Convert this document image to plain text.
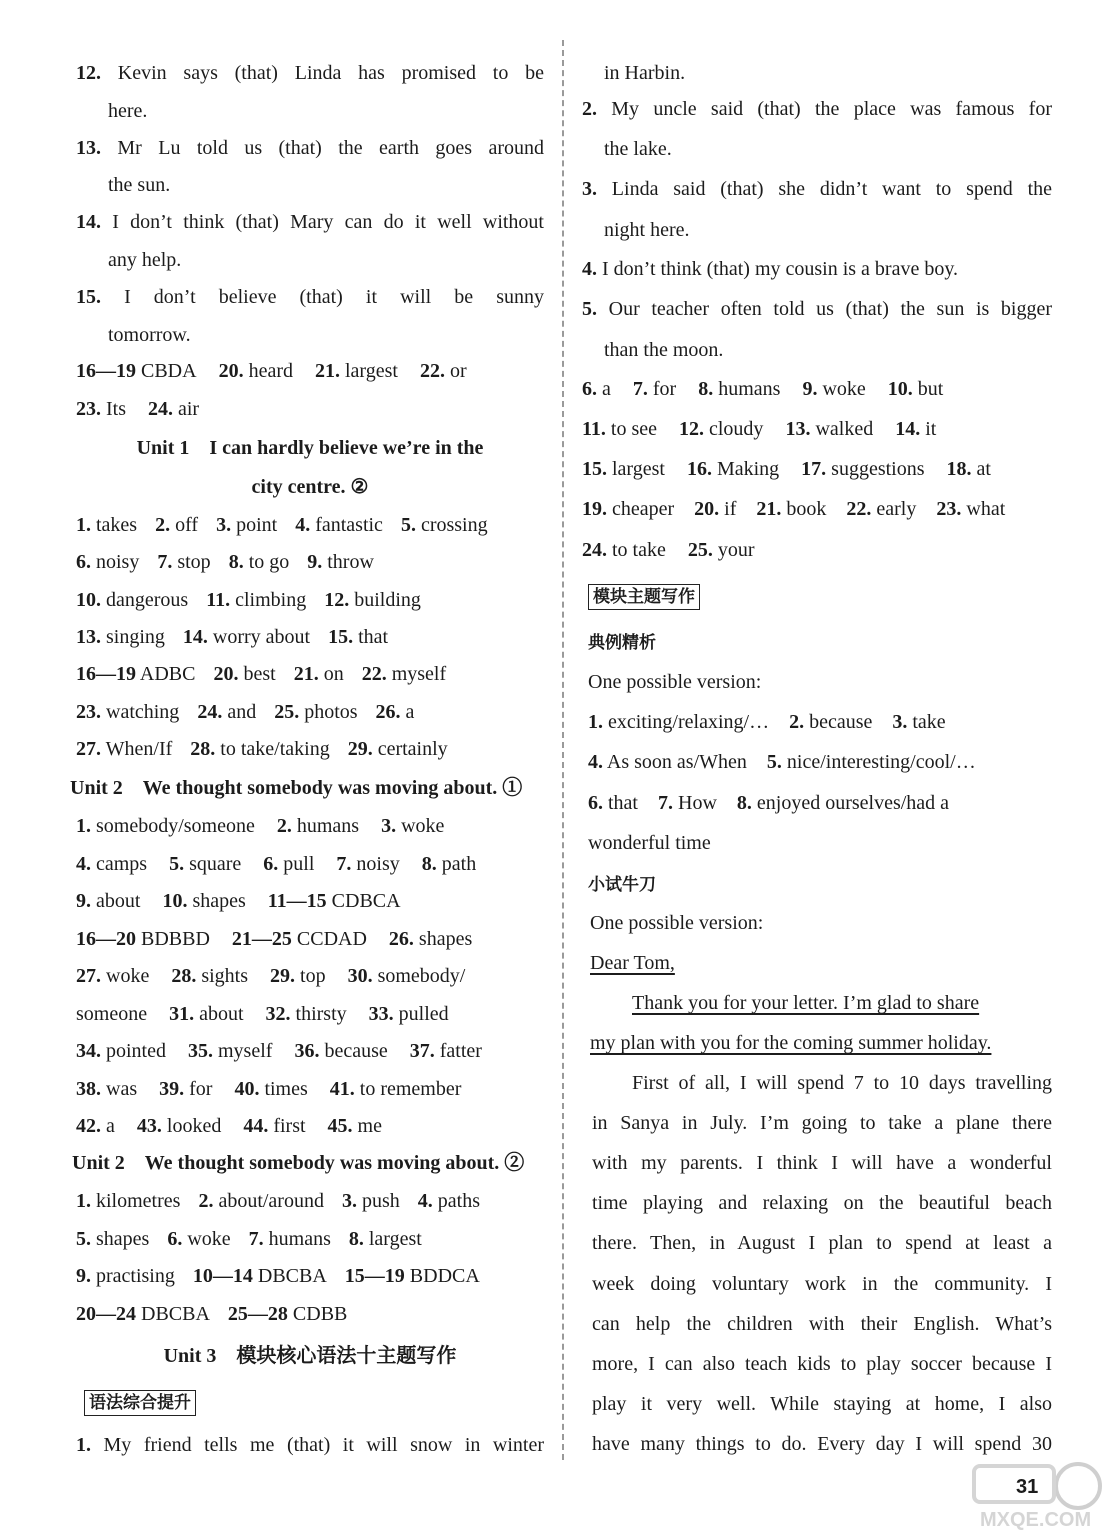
12. Kevin says (that) Linda has promised to be
here.
13. Mr Lu told us (that) the earth goes around
the sun.
14. I don’t think (that) Mary can do it well without
any help.
15. I don’t believe (that) it will be sunny
tomorrow.
16—19 CBDA 20. heard 21. largest 22. or
23. Its 24. air
Unit 1　I can hardly believe we’re in the
city centre. ②
1. takes 2. off 3. point 4. fantastic 5. crossing
6. noisy 7. stop 8. to go 9. throw
10. dangerous 11. climbing 12. building
13. singing 14. worry about 15. that
16—19 ADBC 20. best 21. on 22. myself
23. watching 24. and 25. photos 26. a
27. When/If 28. to take/taking 29. certainly
Unit 2　We thought somebody was moving about. ①
1. somebody/someone 2. humans 3. woke
4. camps 5. square 6. pull 7. noisy 8. path
9. about 10. shapes 11—15 CDBCA
16—20 BDBBD 21—25 CCDAD 26. shapes
27. woke 28. sights 29. top 30. somebody/
someone 31. about 32. thirsty 33. pulled
34. pointed 35. myself 36. because 37. fatter
38. was 39. for 40. times 41. to remember
42. a 43. looked 44. first 45. me
Unit 2　We thought somebody was moving about. ②
1. kilometres 2. about/around 3. push 4. paths
5. shapes 6. woke 7. humans 8. largest
9. practising 10—14 DBCBA 15—19 BDDCA
20—24 DBCBA 25—28 CDBB
Unit 3　模块核心语法十主题写作
语法综合提升
1. My friend tells me (that) it will snow in winter
in Harbin.
2. My uncle said (that) the place was famous for
the lake.
3. Linda said (that) she didn’t want to spend the
night here.
4. I don’t think (that) my cousin is a brave boy.
5. Our teacher often told us (that) the sun is bigger
than the moon.
6. a 7. for 8. humans 9. woke 10. but
11. to see 12. cloudy 13. walked 14. it
15. largest 16. Making 17. suggestions 18. at
19. cheaper 20. if 21. book 22. early 23. what
24. to take 25. your
模块主题写作
典例精析
One possible version:
1. exciting/relaxing/… 2. because 3. take
4. As soon as/When 5. nice/interesting/cool/…
6. that 7. How 8. enjoyed ourselves/had a
wonderful time
小试牛刀
One possible version:
Dear Tom,
Thank you for your letter. I’m glad to share
my plan with you for the coming summer holiday.
First of all, I will spend 7 to 10 days travelling
in Sanya in July. I’m going to take a plane there
with my parents. I think I will have a wonderful
time playing and relaxing on the beautiful beach
there. Then, in August I plan to spend at least a
week doing voluntary work in the community. I
can help the children with their English. What’s
more, I can also teach kids to play soccer because I
play it very well. While staying at home, I also
have many things to do. Every day I will spend 30
31
MXQE.COM
